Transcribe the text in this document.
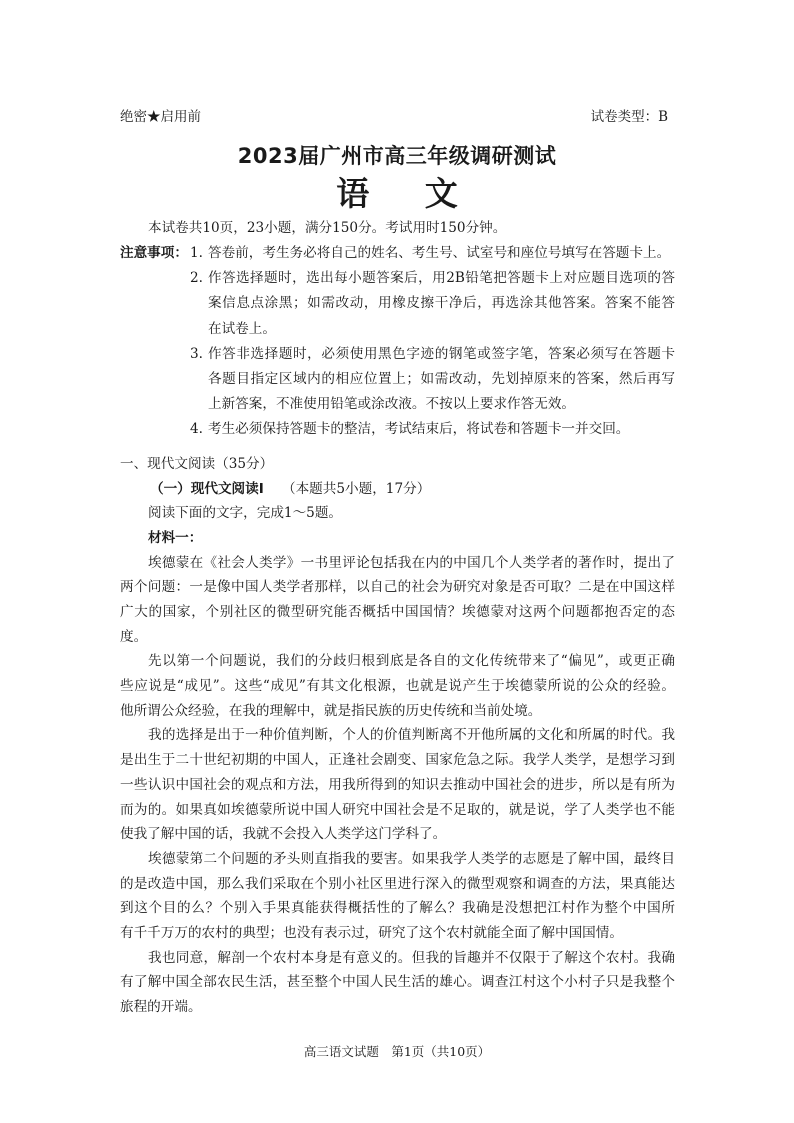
绝密★启用前	试卷类型：B
2023届广州市高三年级调研测试
语 文
本试卷共10页，23小题，满分150分。考试用时150分钟。
注意事项： 1. 答卷前，考生务必将自己的姓名、考生号、试室号和座位号填写在答题卡上。
2. 作答选择题时，选出每小题答案后，用2B铅笔把答题卡上对应题目选项的答
案信息点涂黑；如需改动，用橡皮擦干净后，再选涂其他答案。答案不能答
在试卷上。
3. 作答非选择题时，必须使用黑色字迹的钢笔或签字笔，答案必须写在答题卡
各题目指定区域内的相应位置上；如需改动，先划掉原来的答案，然后再写
上新答案，不准使用铅笔或涂改液。不按以上要求作答无效。
4. 考生必须保持答题卡的整洁，考试结束后，将试卷和答题卡一并交回。
一、现代文阅读（35分）
（一）现代文阅读Ⅰ （本题共5小题，17分）
阅读下面的文字，完成1～5题。
材料一：
埃德蒙在《社会人类学》一书里评论包括我在内的中国几个人类学者的著作时，提出了
两个问题：一是像中国人类学者那样，以自己的社会为研究对象是否可取？二是在中国这样
广大的国家，个别社区的微型研究能否概括中国国情？埃德蒙对这两个问题都抱否定的态
度。
先以第一个问题说，我们的分歧归根到底是各自的文化传统带来了“偏见”，或更正确
些应说是“成见”。这些“成见”有其文化根源，也就是说产生于埃德蒙所说的公众的经验。
他所谓公众经验，在我的理解中，就是指民族的历史传统和当前处境。
我的选择是出于一种价值判断，个人的价值判断离不开他所属的文化和所属的时代。我
是出生于二十世纪初期的中国人，正逢社会剧变、国家危急之际。我学人类学，是想学习到
一些认识中国社会的观点和方法，用我所得到的知识去推动中国社会的进步，所以是有所为
而为的。如果真如埃德蒙所说中国人研究中国社会是不足取的，就是说，学了人类学也不能
使我了解中国的话，我就不会投入人类学这门学科了。
埃德蒙第二个问题的矛头则直指我的要害。如果我学人类学的志愿是了解中国，最终目
的是改造中国，那么我们采取在个别小社区里进行深入的微型观察和调查的方法，果真能达
到这个目的么？个别入手果真能获得概括性的了解么？我确是没想把江村作为整个中国所
有千千万万的农村的典型；也没有表示过，研究了这个农村就能全面了解中国国情。
我也同意，解剖一个农村本身是有意义的。但我的旨趣并不仅限于了解这个农村。我确
有了解中国全部农民生活，甚至整个中国人民生活的雄心。调查江村这个小村子只是我整个
旅程的开端。
高三语文试题　第1页（共10页）
